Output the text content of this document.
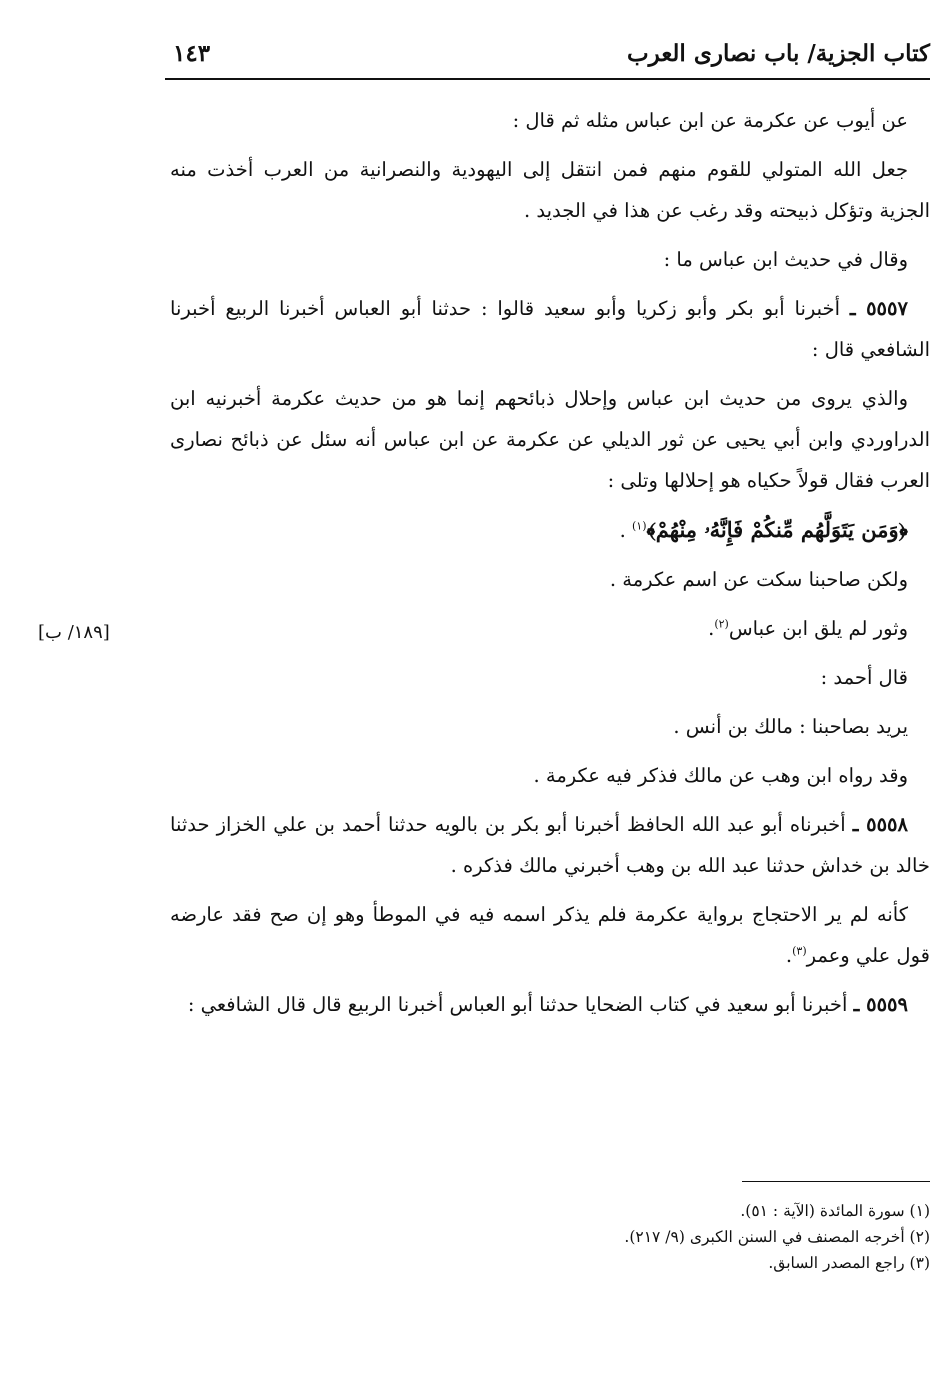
كتاب الجزية/ باب نصارى العرب
١٤٣
[١٨٩/ ب]

عن أيوب عن عكرمة عن ابن عباس مثله ثم قال :

جعل الله المتولي للقوم منهم فمن انتقل إلى اليهودية والنصرانية من العرب أخذت منه الجزية وتؤكل ذبيحته وقد رغب عن هذا في الجديد .

وقال في حديث ابن عباس ما :

٥٥٥٧ ـ أخبرنا أبو بكر وأبو زكريا وأبو سعيد قالوا : حدثنا أبو العباس أخبرنا الربيع أخبرنا الشافعي قال :

والذي يروى من حديث ابن عباس وإحلال ذبائحهم إنما هو من حديث عكرمة أخبرنيه ابن الدراوردي وابن أبي يحيى عن ثور الديلي عن عكرمة عن ابن عباس أنه سئل عن ذبائح نصارى العرب فقال قولاً حكياه هو إحلالها وتلى :

﴿وَمَن يَتَوَلَّهُم مِّنكُمْ فَإِنَّهُۥ مِنْهُمْ﴾$^{(١)}$ .

ولكن صاحبنا سكت عن اسم عكرمة .

وثور لم يلق ابن عباس$^{(٢)}$.

قال أحمد :

يريد بصاحبنا : مالك بن أنس .

وقد رواه ابن وهب عن مالك فذكر فيه عكرمة .

٥٥٥٨ ـ أخبرناه أبو عبد الله الحافظ أخبرنا أبو بكر بن بالويه حدثنا أحمد بن علي الخزاز حدثنا خالد بن خداش حدثنا عبد الله بن وهب أخبرني مالك فذكره .

كأنه لم ير الاحتجاج برواية عكرمة فلم يذكر اسمه فيه في الموطأ وهو إن صح فقد عارضه قول علي وعمر$^{(٣)}$.

٥٥٥٩ ـ أخبرنا أبو سعيد في كتاب الضحايا حدثنا أبو العباس أخبرنا الربيع قال قال الشافعي :

(١) سورة المائدة (الآية : ٥١).
(٢) أخرجه المصنف في السنن الكبرى (٩/ ٢١٧).
(٣) راجع المصدر السابق.
